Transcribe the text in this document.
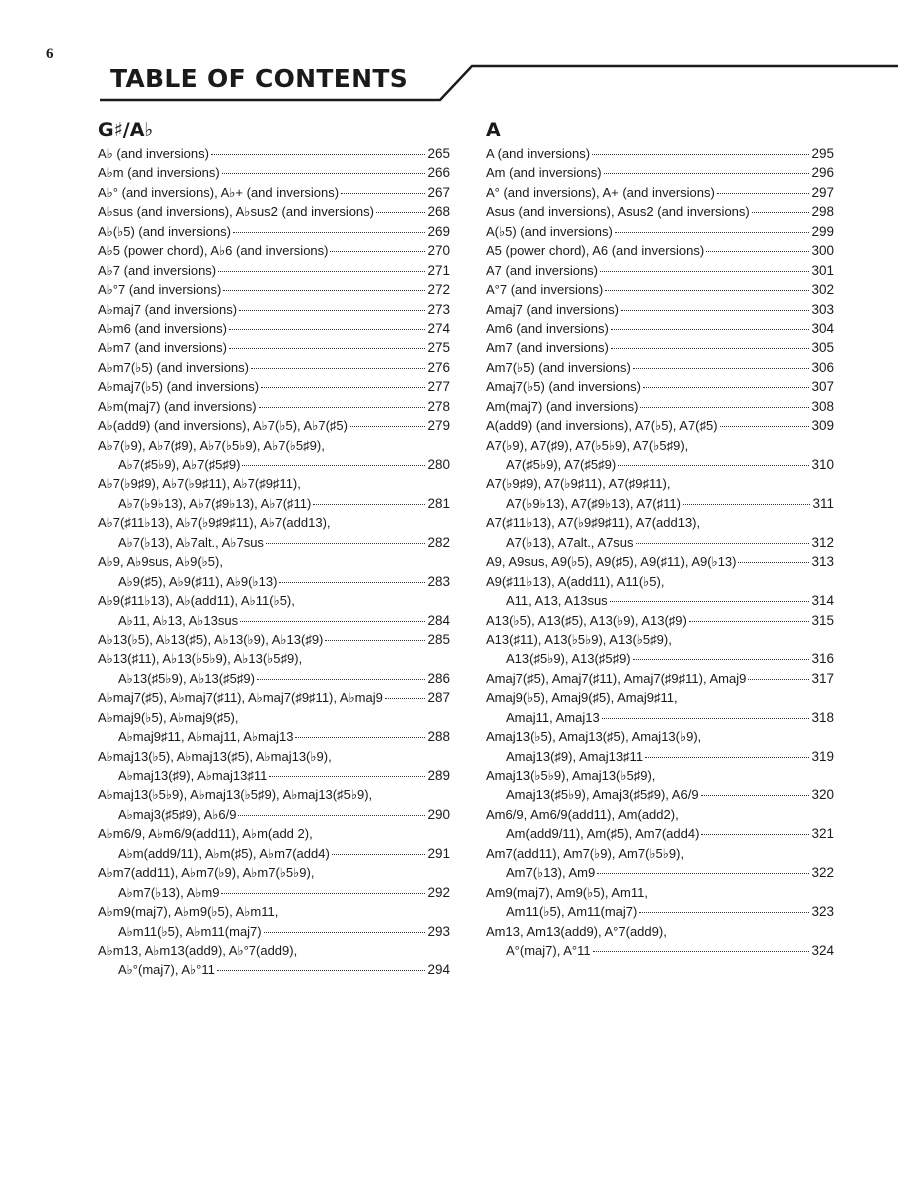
6
TABLE OF CONTENTS
G♯/A♭
A♭ (and inversions)	265
A♭m (and inversions)	266
A♭° (and inversions), A♭+ (and inversions)	267
A♭sus (and inversions), A♭sus2 (and inversions)	268
A♭(♭5) (and inversions)	269
A♭5 (power chord), A♭6 (and inversions)	270
A♭7 (and inversions)	271
A♭°7 (and inversions)	272
A♭maj7 (and inversions)	273
A♭m6 (and inversions)	274
A♭m7 (and inversions)	275
A♭m7(♭5) (and inversions)	276
A♭maj7(♭5) (and inversions)	277
A♭m(maj7) (and inversions)	278
A♭(add9) (and inversions), A♭7(♭5), A♭7(♯5)	279
A♭7(♭9), A♭7(♯9), A♭7(♭5♭9), A♭7(♭5♯9),
A♭7(♯5♭9), A♭7(♯5♯9)	280
A♭7(♭9♯9), A♭7(♭9♯11), A♭7(♯9♯11),
A♭7(♭9♭13), A♭7(♯9♭13), A♭7(♯11)	281
A♭7(♯11♭13), A♭7(♭9♯9♯11), A♭7(add13),
A♭7(♭13), A♭7alt., A♭7sus	282
A♭9, A♭9sus, A♭9(♭5),
A♭9(♯5), A♭9(♯11), A♭9(♭13)	283
A♭9(♯11♭13), A♭(add11), A♭11(♭5),
A♭11, A♭13, A♭13sus	284
A♭13(♭5), A♭13(♯5), A♭13(♭9), A♭13(♯9)	285
A♭13(♯11), A♭13(♭5♭9), A♭13(♭5♯9),
A♭13(♯5♭9), A♭13(♯5♯9)	286
A♭maj7(♯5), A♭maj7(♯11), A♭maj7(♯9♯11), A♭maj9	287
A♭maj9(♭5), A♭maj9(♯5),
A♭maj9♯11, A♭maj11, A♭maj13	288
A♭maj13(♭5), A♭maj13(♯5), A♭maj13(♭9),
A♭maj13(♯9), A♭maj13♯11	289
A♭maj13(♭5♭9), A♭maj13(♭5♯9), A♭maj13(♯5♭9),
A♭maj3(♯5♯9), A♭6/9	290
A♭m6/9, A♭m6/9(add11), A♭m(add 2),
A♭m(add9/11), A♭m(♯5), A♭m7(add4)	291
A♭m7(add11), A♭m7(♭9), A♭m7(♭5♭9),
A♭m7(♭13), A♭m9	292
A♭m9(maj7), A♭m9(♭5), A♭m11,
A♭m11(♭5), A♭m11(maj7)	293
A♭m13, A♭m13(add9), A♭°7(add9),
A♭°(maj7), A♭°11	294
A
A (and inversions)	295
Am (and inversions)	296
A° (and inversions), A+ (and inversions)	297
Asus (and inversions), Asus2 (and inversions)	298
A(♭5) (and inversions)	299
A5 (power chord), A6 (and inversions)	300
A7 (and inversions)	301
A°7 (and inversions)	302
Amaj7 (and inversions)	303
Am6 (and inversions)	304
Am7 (and inversions)	305
Am7(♭5) (and inversions)	306
Amaj7(♭5) (and inversions)	307
Am(maj7) (and inversions)	308
A(add9) (and inversions), A7(♭5), A7(♯5)	309
A7(♭9), A7(♯9), A7(♭5♭9), A7(♭5♯9),
A7(♯5♭9), A7(♯5♯9)	310
A7(♭9♯9), A7(♭9♯11), A7(♯9♯11),
A7(♭9♭13), A7(♯9♭13), A7(♯11)	311
A7(♯11♭13), A7(♭9♯9♯11), A7(add13),
A7(♭13), A7alt., A7sus	312
A9, A9sus, A9(♭5), A9(♯5), A9(♯11), A9(♭13)	313
A9(♯11♭13), A(add11), A11(♭5),
A11, A13, A13sus	314
A13(♭5), A13(♯5), A13(♭9), A13(♯9)	315
A13(♯11), A13(♭5♭9), A13(♭5♯9),
A13(♯5♭9), A13(♯5♯9)	316
Amaj7(♯5), Amaj7(♯11), Amaj7(♯9♯11), Amaj9	317
Amaj9(♭5), Amaj9(♯5), Amaj9♯11,
Amaj11, Amaj13	318
Amaj13(♭5), Amaj13(♯5), Amaj13(♭9),
Amaj13(♯9), Amaj13♯11	319
Amaj13(♭5♭9), Amaj13(♭5♯9),
Amaj13(♯5♭9), Amaj3(♯5♯9), A6/9	320
Am6/9, Am6/9(add11), Am(add2),
Am(add9/11), Am(♯5), Am7(add4)	321
Am7(add11), Am7(♭9), Am7(♭5♭9),
Am7(♭13), Am9	322
Am9(maj7), Am9(♭5), Am11,
Am11(♭5), Am11(maj7)	323
Am13, Am13(add9), A°7(add9),
A°(maj7), A°11	324
